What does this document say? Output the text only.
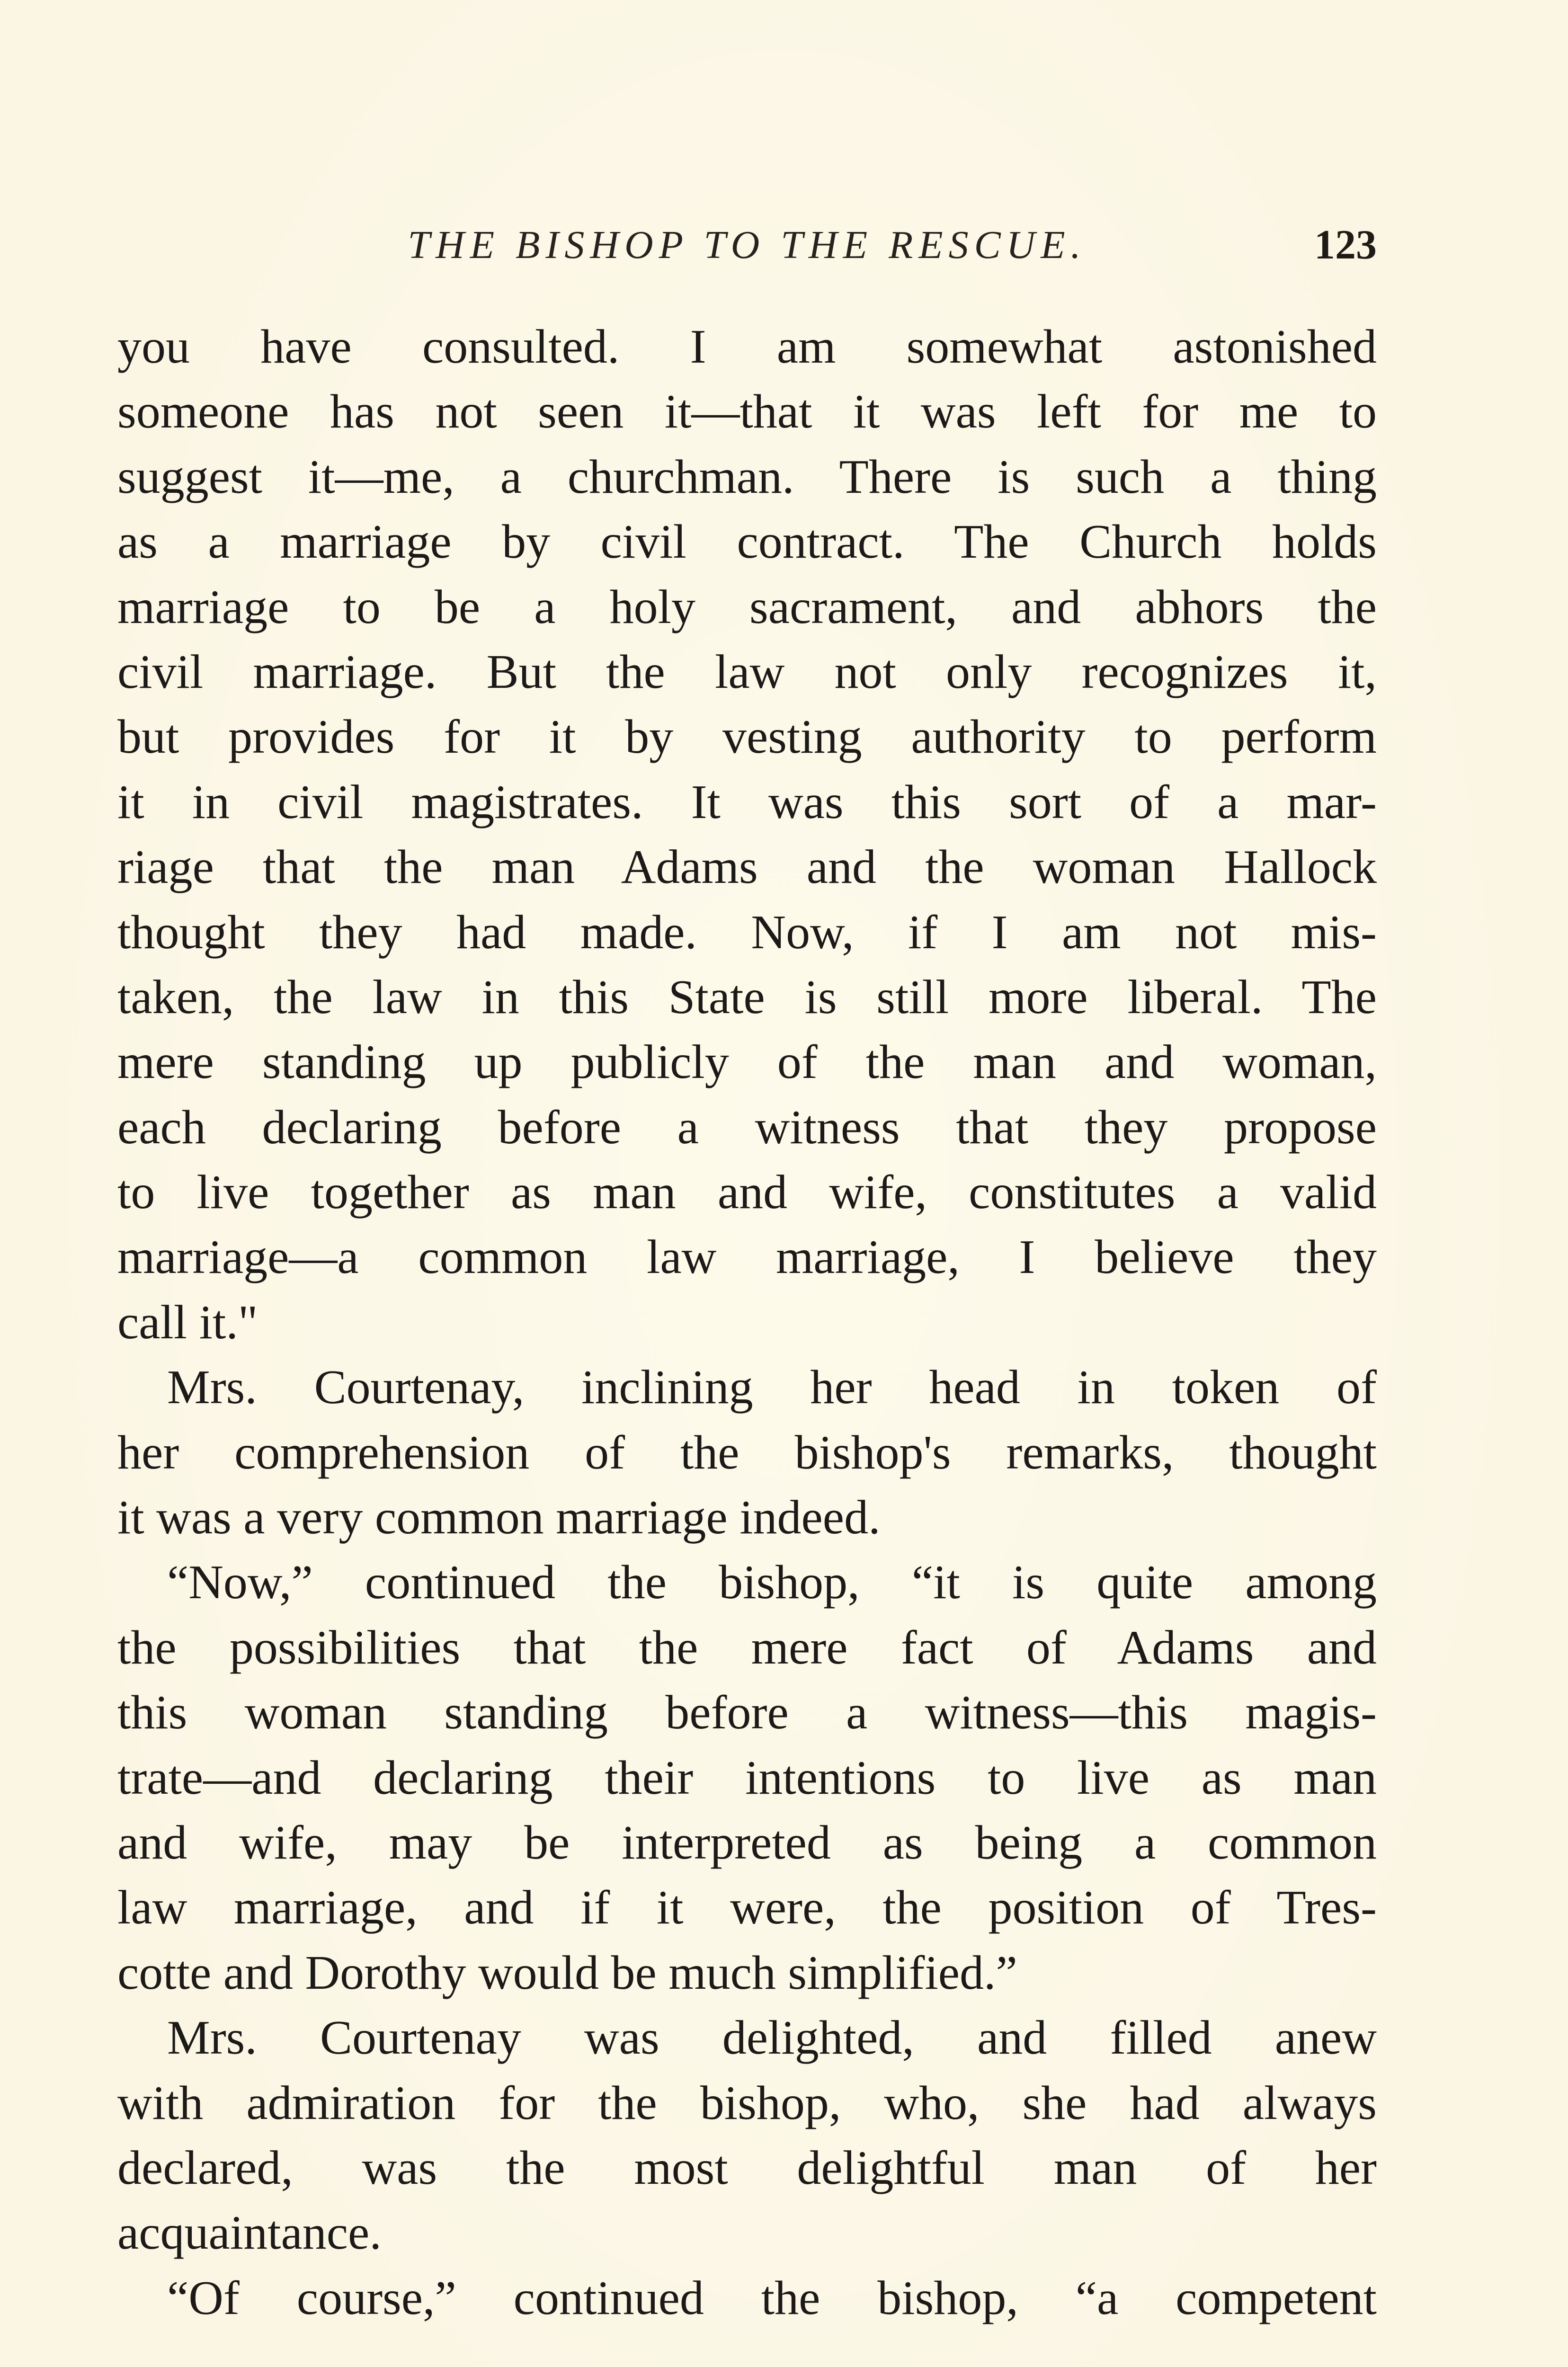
THE BISHOP TO THE RESCUE.	123
you have consulted. I am somewhat astonished
someone has not seen it—that it was left for me to
suggest it—me, a churchman. There is such a thing
as a marriage by civil contract. The Church holds
marriage to be a holy sacrament, and abhors the
civil marriage. But the law not only recognizes it,
but provides for it by vesting authority to perform
it in civil magistrates. It was this sort of a mar-
riage that the man Adams and the woman Hallock
thought they had made. Now, if I am not mis-
taken, the law in this State is still more liberal. The
mere standing up publicly of the man and woman,
each declaring before a witness that they propose
to live together as man and wife, constitutes a valid
marriage—a common law marriage, I believe they
call it."
Mrs. Courtenay, inclining her head in token of
her comprehension of the bishop's remarks, thought
it was a very common marriage indeed.
“Now,” continued the bishop, “it is quite among
the possibilities that the mere fact of Adams and
this woman standing before a witness—this magis-
trate—and declaring their intentions to live as man
and wife, may be interpreted as being a common
law marriage, and if it were, the position of Tres-
cotte and Dorothy would be much simplified.”
Mrs. Courtenay was delighted, and filled anew
with admiration for the bishop, who, she had always
declared, was the most delightful man of her
acquaintance.
“Of course,” continued the bishop, “a competent
